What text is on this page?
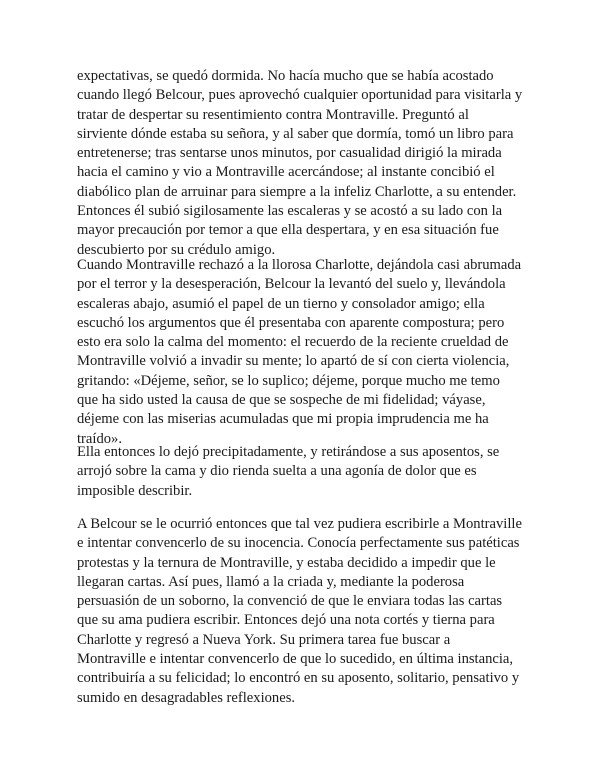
expectativas, se quedó dormida. No hacía mucho que se había acostado
cuando llegó Belcour, pues aprovechó cualquier oportunidad para visitarla y
tratar de despertar su resentimiento contra Montraville. Preguntó al
sirviente dónde estaba su señora, y al saber que dormía, tomó un libro para
entretenerse; tras sentarse unos minutos, por casualidad dirigió la mirada
hacia el camino y vio a Montraville acercándose; al instante concibió el
diabólico plan de arruinar para siempre a la infeliz Charlotte, a su entender.
Entonces él subió sigilosamente las escaleras y se acostó a su lado con la
mayor precaución por temor a que ella despertara, y en esa situación fue
descubierto por su crédulo amigo.

Cuando Montraville rechazó a la llorosa Charlotte, dejándola casi abrumada
por el terror y la desesperación, Belcour la levantó del suelo y, llevándola
escaleras abajo, asumió el papel de un tierno y consolador amigo; ella
escuchó los argumentos que él presentaba con aparente compostura; pero
esto era solo la calma del momento: el recuerdo de la reciente crueldad de
Montraville volvió a invadir su mente; lo apartó de sí con cierta violencia,
gritando: «Déjeme, señor, se lo suplico; déjeme, porque mucho me temo
que ha sido usted la causa de que se sospeche de mi fidelidad; váyase,
déjeme con las miserias acumuladas que mi propia imprudencia me ha
traído».

Ella entonces lo dejó precipitadamente, y retirándose a sus aposentos, se
arrojó sobre la cama y dio rienda suelta a una agonía de dolor que es
imposible describir.

A Belcour se le ocurrió entonces que tal vez pudiera escribirle a Montraville
e intentar convencerlo de su inocencia. Conocía perfectamente sus patéticas
protestas y la ternura de Montraville, y estaba decidido a impedir que le
llegaran cartas. Así pues, llamó a la criada y, mediante la poderosa
persuasión de un soborno, la convenció de que le enviara todas las cartas
que su ama pudiera escribir. Entonces dejó una nota cortés y tierna para
Charlotte y regresó a Nueva York. Su primera tarea fue buscar a
Montraville e intentar convencerlo de que lo sucedido, en última instancia,
contribuiría a su felicidad; lo encontró en su aposento, solitario, pensativo y
sumido en desagradables reflexiones.
